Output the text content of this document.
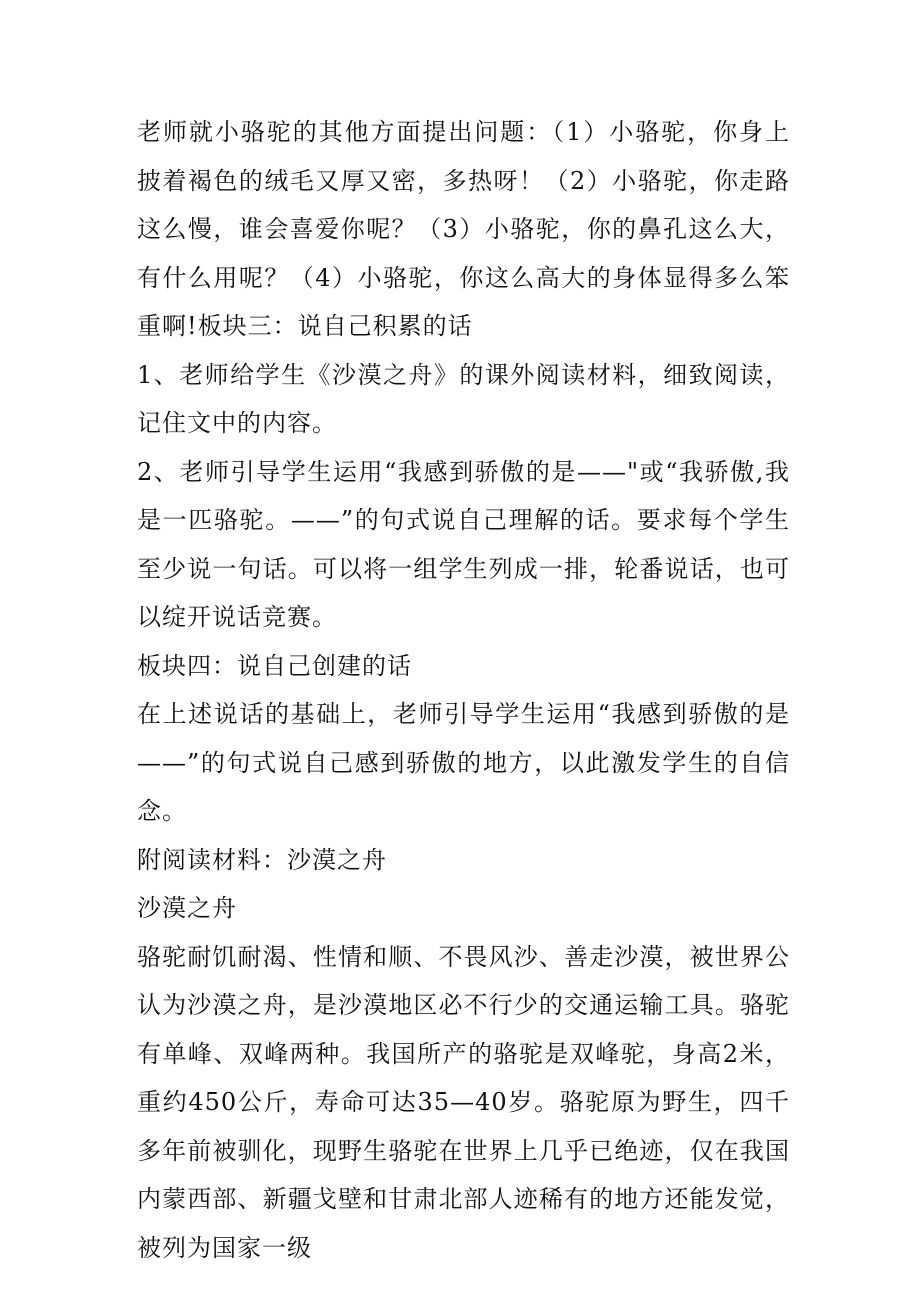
老师就小骆驼的其他方面提出问题：（1）小骆驼，你身上披着褐色的绒毛又厚又密，多热呀！（2）小骆驼，你走路这么慢，谁会喜爱你呢？（3）小骆驼，你的鼻孔这么大，有什么用呢？（4）小骆驼，你这么高大的身体显得多么笨重啊!板块三：说自己积累的话

1、老师给学生《沙漠之舟》的课外阅读材料，细致阅读，记住文中的内容。

2、老师引导学生运用“我感到骄傲的是——"或“我骄傲,我是一匹骆驼。——”的句式说自己理解的话。要求每个学生至少说一句话。可以将一组学生列成一排，轮番说话，也可以绽开说话竞赛。

板块四：说自己创建的话

在上述说话的基础上，老师引导学生运用“我感到骄傲的是——”的句式说自己感到骄傲的地方，以此激发学生的自信念。

附阅读材料：沙漠之舟

沙漠之舟

骆驼耐饥耐渴、性情和顺、不畏风沙、善走沙漠，被世界公认为沙漠之舟，是沙漠地区必不行少的交通运输工具。骆驼有单峰、双峰两种。我国所产的骆驼是双峰驼，身高2米，重约450公斤，寿命可达35—40岁。骆驼原为野生，四千多年前被驯化，现野生骆驼在世界上几乎已绝迹，仅在我国内蒙西部、新疆戈壁和甘肃北部人迹稀有的地方还能发觉，被列为国家一级
